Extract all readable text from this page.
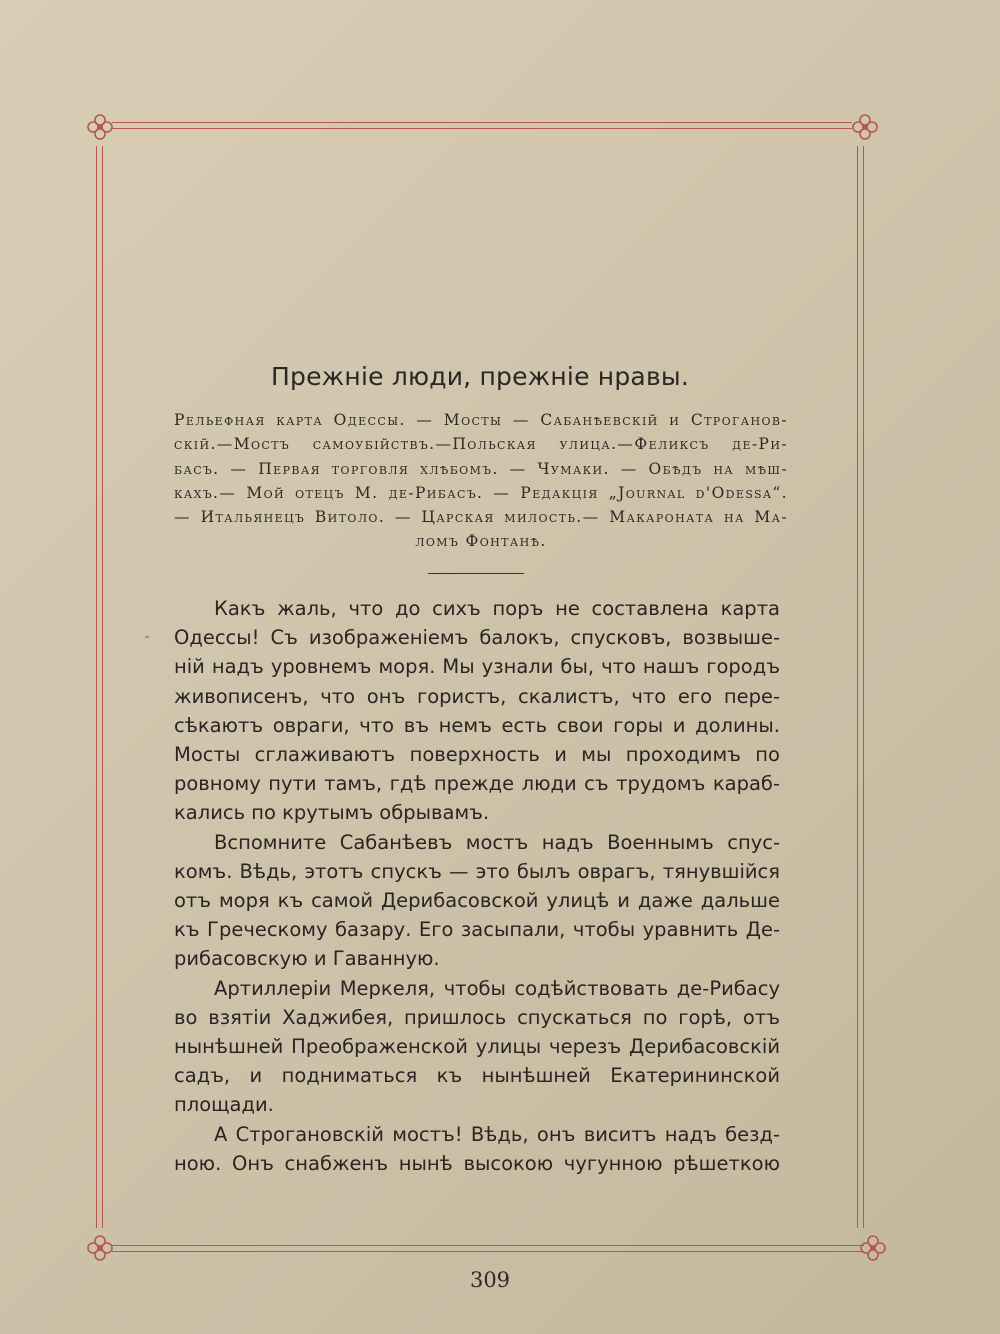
Прежніе люди, прежніе нравы.
Рельефная карта Одессы. — Мосты — Сабанѣевскій и Строганов-
скій.—Мостъ самоубійствъ.—Польская улица.—Феликсъ де-Ри-
басъ. — Первая торговля хлѣбомъ. — Чумаки. — Обѣдъ на мѣш-
кахъ.— Мой отецъ М. де-Рибасъ. — Редакція „Journal d'Odessa“.
— Итальянецъ Витоло. — Царская милость.— Макароната на Ма-
ломъ Фонтанѣ.
Какъ жаль, что до сихъ поръ не составлена карта
Одессы! Съ изображеніемъ балокъ, спусковъ, возвыше-
ній надъ уровнемъ моря. Мы узнали бы, что нашъ городъ
живописенъ, что онъ гористъ, скалистъ, что его пере-
сѣкаютъ овраги, что въ немъ есть свои горы и долины.
Мосты сглаживаютъ поверхность и мы проходимъ по
ровному пути тамъ, гдѣ прежде люди съ трудомъ караб-
кались по крутымъ обрывамъ.
Вспомните Сабанѣевъ мостъ надъ Военнымъ спус-
комъ. Вѣдь, этотъ спускъ — это былъ оврагъ, тянувшійся
отъ моря къ самой Дерибасовской улицѣ и даже дальше
къ Греческому базару. Его засыпали, чтобы уравнить Де-
рибасовскую и Гаванную.
Артиллеріи Меркеля, чтобы содѣйствовать де-Рибасу
во взятіи Хаджибея, пришлось спускаться по горѣ, отъ
нынѣшней Преображенской улицы черезъ Дерибасовскій
садъ, и подниматься къ нынѣшней Екатерининской
площади.
А Строгановскій мостъ! Вѣдь, онъ виситъ надъ безд-
ною. Онъ снабженъ нынѣ высокою чугунною рѣшеткою
309
